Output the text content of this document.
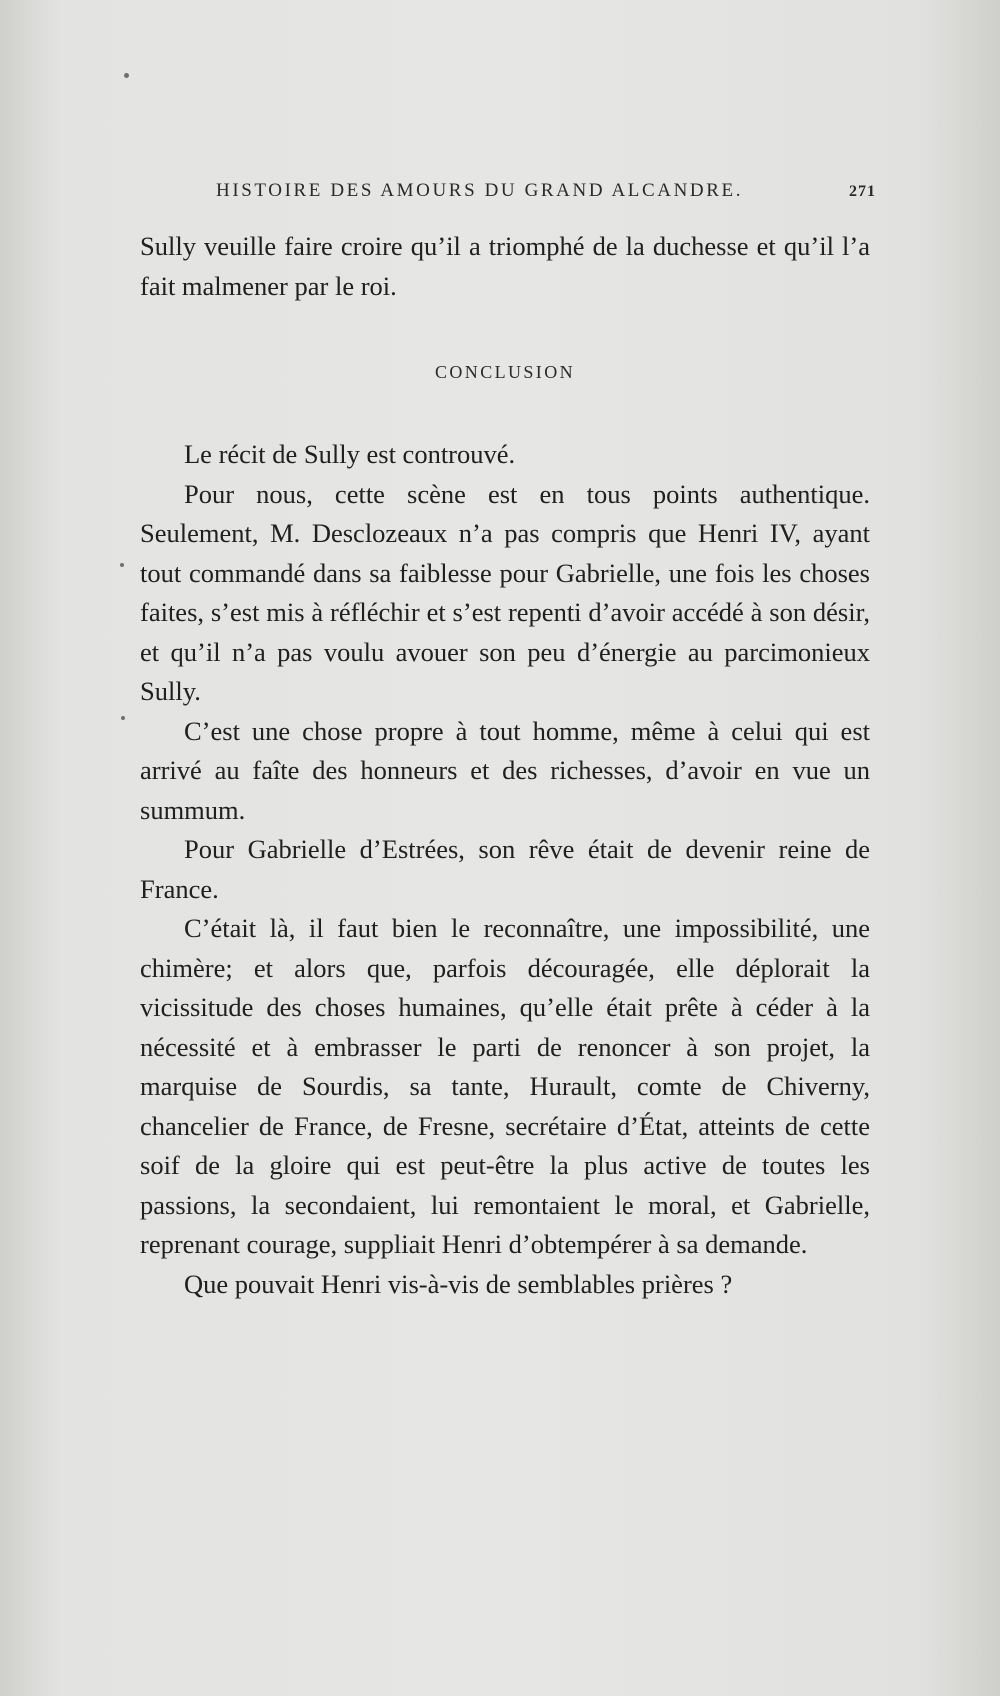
HISTOIRE DES AMOURS DU GRAND ALCANDRE.	271

Sully veuille faire croire qu’il a triomphé de la duchesse et qu’il l’a fait malmener par le roi.

CONCLUSION

Le récit de Sully est controuvé.

Pour nous, cette scène est en tous points authentique. Seulement, M. Desclozeaux n’a pas compris que Henri IV, ayant tout commandé dans sa faiblesse pour Gabrielle, une fois les choses faites, s’est mis à réfléchir et s’est repenti d’avoir accédé à son désir, et qu’il n’a pas voulu avouer son peu d’énergie au parcimonieux Sully.

C’est une chose propre à tout homme, même à celui qui est arrivé au faîte des honneurs et des richesses, d’avoir en vue un summum.

Pour Gabrielle d’Estrées, son rêve était de devenir reine de France.

C’était là, il faut bien le reconnaître, une impossibilité, une chimère; et alors que, parfois découragée, elle déplorait la vicissitude des choses humaines, qu’elle était prête à céder à la nécessité et à embrasser le parti de renoncer à son projet, la marquise de Sourdis, sa tante, Hurault, comte de Chiverny, chancelier de France, de Fresne, secrétaire d’État, atteints de cette soif de la gloire qui est peut-être la plus active de toutes les passions, la secondaient, lui remontaient le moral, et Gabrielle, reprenant courage, suppliait Henri d’obtempérer à sa demande.

Que pouvait Henri vis-à-vis de semblables prières ?
